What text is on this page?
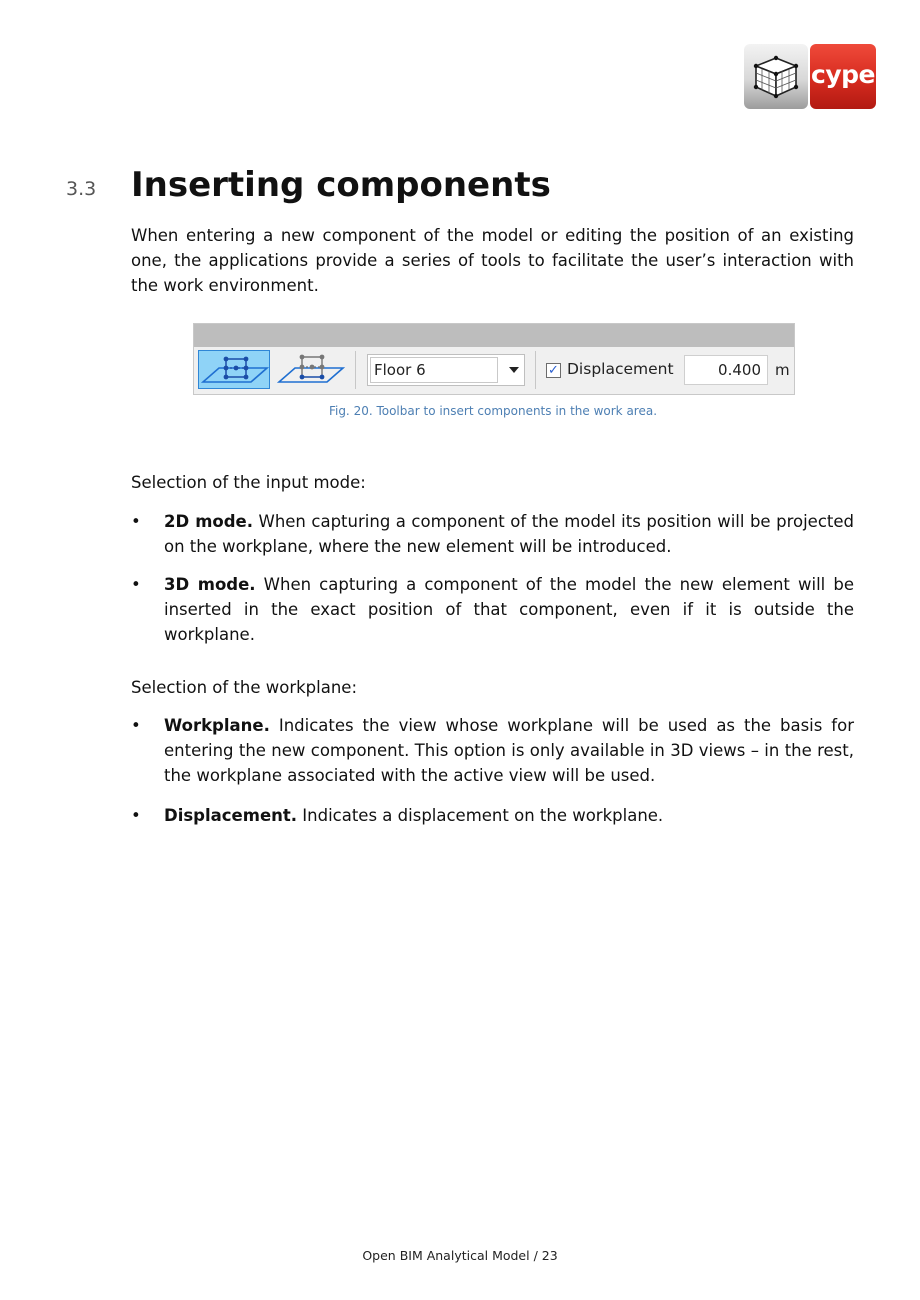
cype
3.3 Inserting components

When entering a new component of the model or editing the position of an existing one, the applications provide a series of tools to facilitate the user’s interaction with the work environment.

Floor 6	✓ Displacement	0.400 m
Fig. 20. Toolbar to insert components in the work area.

Selection of the input mode:

•	2D mode. When capturing a component of the model its position will be projected on the workplane, where the new element will be introduced.
•	3D mode. When capturing a component of the model the new element will be inserted in the exact position of that component, even if it is outside the workplane.

Selection of the workplane:

•	Workplane. Indicates the view whose workplane will be used as the basis for entering the new component. This option is only available in 3D views – in the rest, the workplane associated with the active view will be used.
•	Displacement. Indicates a displacement on the workplane.
Open BIM Analytical Model / 23
